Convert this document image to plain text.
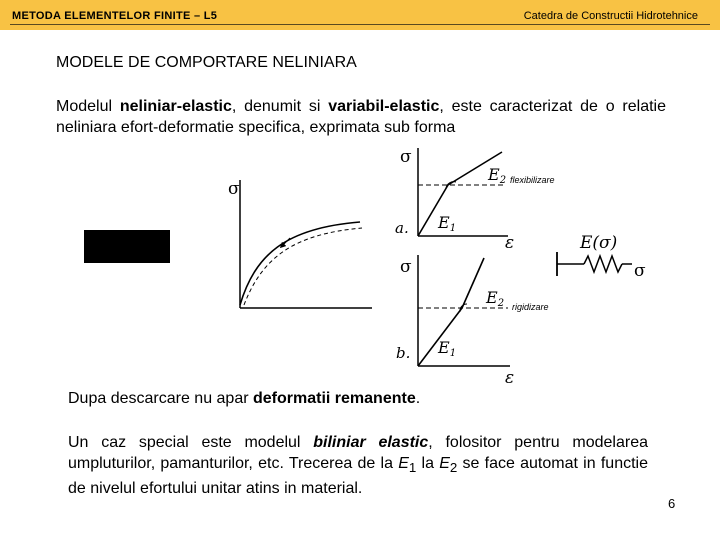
METODA ELEMENTELOR FINITE – L5	Catedra de Constructii Hidrotehnice
MODELE DE COMPORTARE NELINIARA
Modelul neliniar-elastic, denumit si variabil-elastic, este caracterizat de o relatie neliniara efort-deformatie specifica, exprimata sub forma
σ
σ
ε
a. E1
E2 flexibilizare
σ
ε
b. E1
E2 rigidizare
E(σ)
σ
Dupa descarcare nu apar deformatii remanente.
Un caz special este modelul biliniar elastic, folositor pentru modelarea umpluturilor, pamanturilor, etc. Trecerea de la $E_1$ la $E_2$ se face automat in functie de nivelul efortului unitar atins in material.
6
